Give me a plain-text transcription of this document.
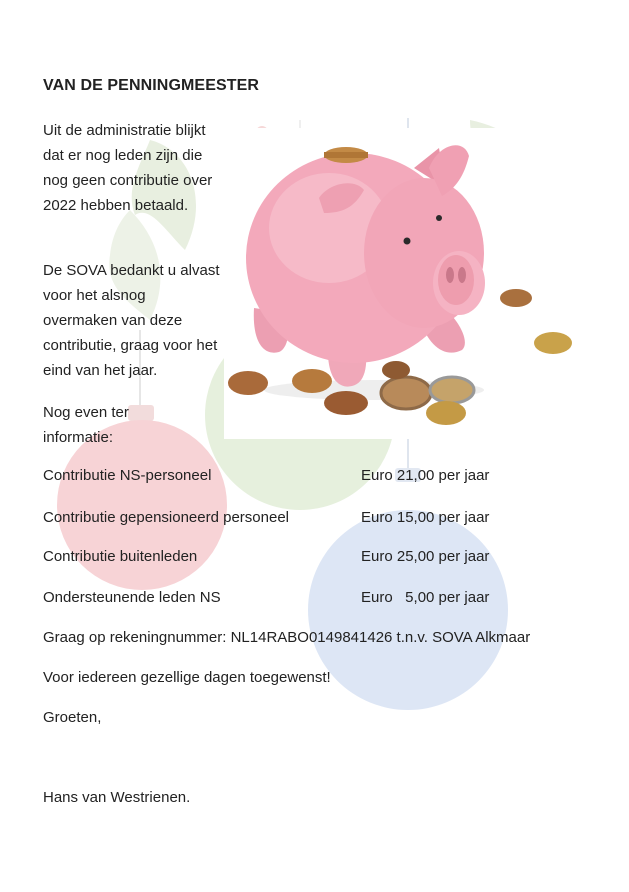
VAN DE PENNINGMEESTER
Uit de administratie blijkt dat er nog leden zijn die nog geen contributie over 2022 hebben betaald.
De SOVA bedankt u alvast voor het alsnog overmaken van deze contributie, graag voor het eind van het jaar.
Nog even ter informatie:
Contributie NS-personeel	Euro 21,00 per jaar
Contributie gepensioneerd personeel	Euro 15,00 per jaar
Contributie buitenleden	Euro 25,00 per jaar
Ondersteunende leden NS	Euro   5,00 per jaar
Graag op rekeningnummer: NL14RABO0149841426 t.n.v. SOVA Alkmaar
Voor iedereen gezellige dagen toegewenst!
Groeten,
Hans van Westrienen.
